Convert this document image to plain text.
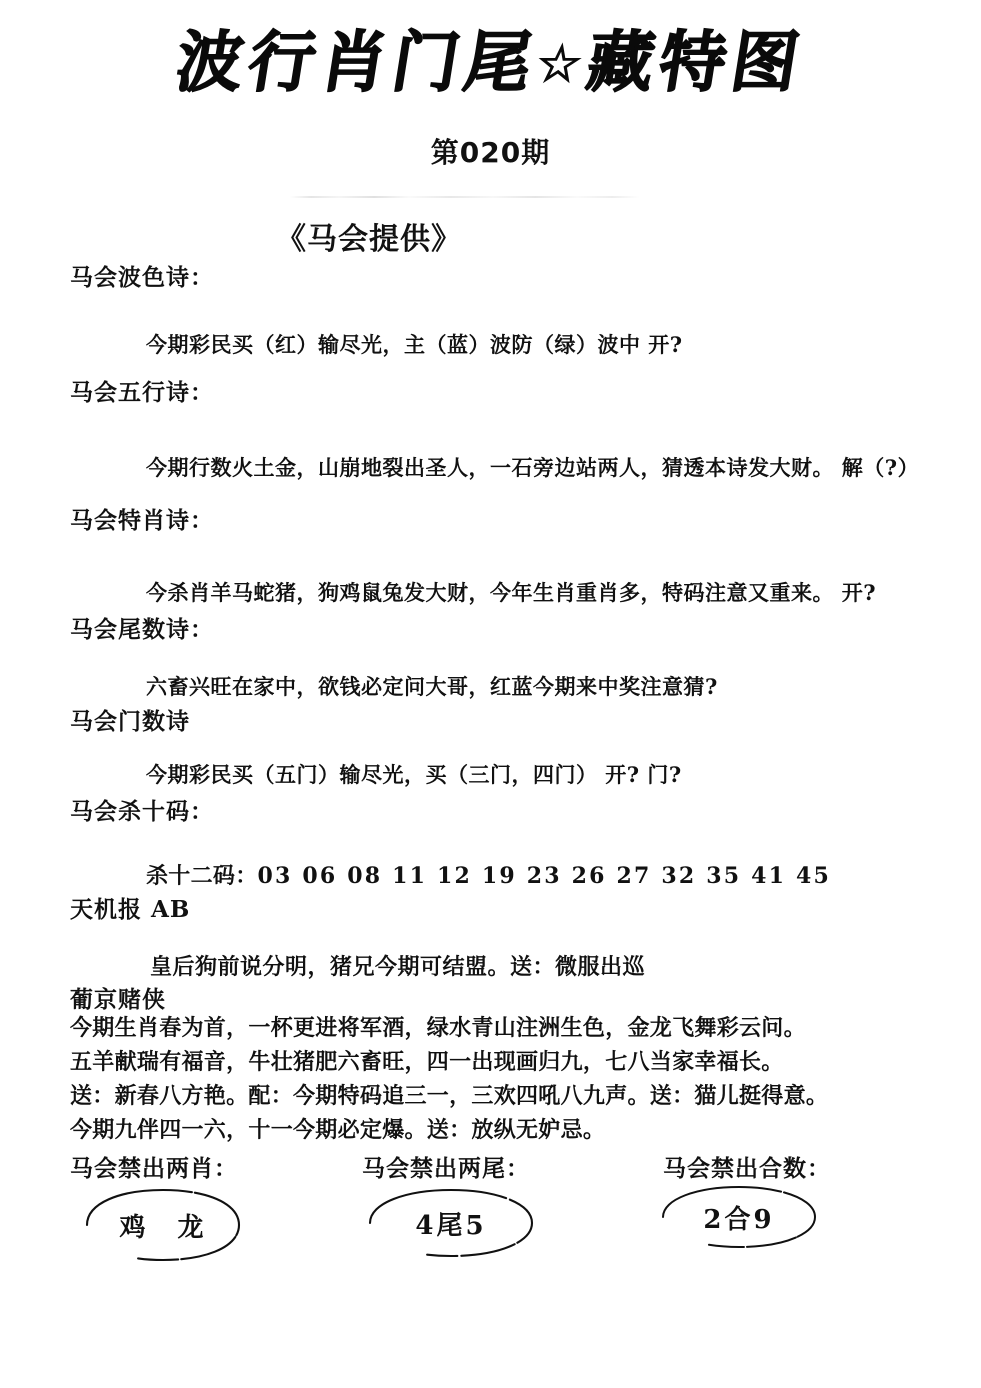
波行肖门尾☆藏特图
第020期
《马会提供》
马会波色诗：
今期彩民买（红）输尽光，主（蓝）波防（绿）波中 开?
马会五行诗：
今期行数火土金，山崩地裂出圣人，一石旁边站两人，猜透本诗发大财。 解（?）
马会特肖诗：
今杀肖羊马蛇猪，狗鸡鼠兔发大财，今年生肖重肖多，特码注意又重来。 开?
马会尾数诗：
六畜兴旺在家中，欲钱必定问大哥，红蓝今期来中奖注意猜?
马会门数诗
今期彩民买（五门）输尽光，买（三门，四门） 开? 门?
马会杀十码：
杀十二码：03 06 08 11 12 19 23 26 27 32 35 41 45
天机报 AB
皇后狗前说分明，猪兄今期可结盟。送：微服出巡
葡京赌侠
今期生肖春为首，一杯更进将军酒，绿水青山注洲生色，金龙飞舞彩云问。
五羊献瑞有福音，牛壮猪肥六畜旺，四一出现画归九，七八当家幸福长。
送：新春八方艳。配：今期特码追三一，三欢四吼八九声。送：猫儿挺得意。
今期九伴四一六，十一今期必定爆。送：放纵无妒忌。
马会禁出两肖：	马会禁出两尾：	马会禁出合数：
鸡　龙	4尾5	2合9
